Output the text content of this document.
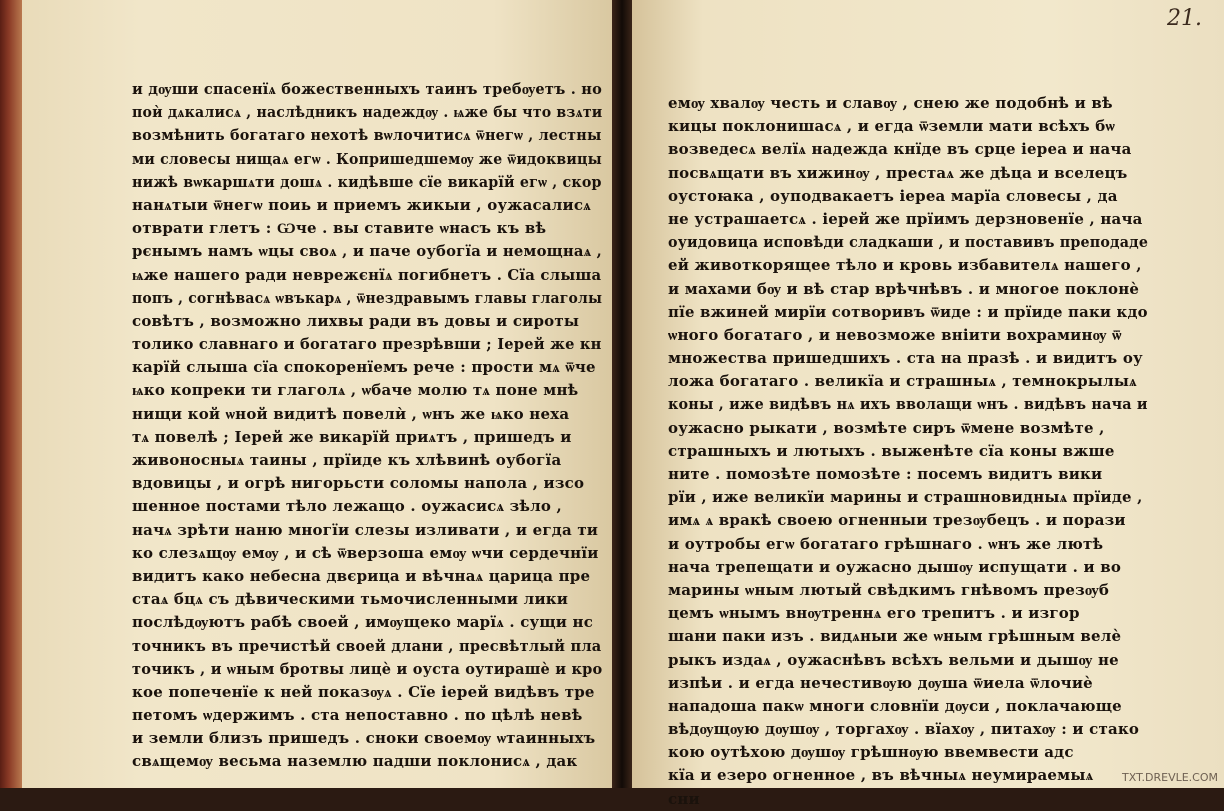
и дѹши спасенїѧ божественныхъ таинъ требѹетъ . но
поѝ дѧкалисѧ , наслѣдникъ надеждѹ . ѩже бы что взѧти
возмѣнить богатаго нехотѣ вѡлочитисѧ ѿнегѡ , лестны
ми словесы нищаѧ егѡ . Копришедшемѹ же ѿидоквицы
нижѣ вѡкаршѧти дошѧ . кидѣвше сїе викарїй егѡ , скор
нанѧтыи ѿнегѡ поиь и приемъ жикыи , оужасалисѧ
отврати глетъ : Ѡче . вы ставите ѡнасъ къ вѣ
рєнымъ намъ ѡцы своѧ , и паче оубогїа и немощнаѧ ,
ѩже нашего ради неврежєнїѧ погибнетъ . Сїа слыша
попъ , согнѣвасѧ ѡвъкарѧ , ѿнездравымъ главы глаголы
совѣтъ , возможно лихвы ради въ довы и сироты
толико славнаго и богатаго презрѣвши ; Іерей же кн
карїй слыша сїа спокоренїемъ рече : прости мѧ ѿче
ѩко копреки ти глаголѧ , ѡбаче молю тѧ поне мнѣ
нищи кой ѡной видитѣ повелѝ , ѡнъ же ѩко неха
тѧ повелѣ ; Іерей же викарїй приѧтъ , пришедъ и
живоносныѧ таины , прїиде къ хлѣвинѣ оубогїа
вдовицы , и огрѣ нигорьсти соломы напола , изсо
шенное постами тѣло лежащо . оужасисѧ зѣло ,
начѧ зрѣти наню многїи слезы изливати , и егда ти
ко слезѧщѹ емѹ , и сѣ ѿверзоша емѹ ѡчи сердечнїи
видитъ како небесна двєрица и вѣчнаѧ царица пре
стаѧ бцѧ съ дѣвическими тьмочисленными лики
послѣдѹютъ рабѣ своей , имѹщеко марїѧ . сущи нс
точникъ въ пречистѣй своей длани , пресвѣтлый пла
точикъ , и ѡным бротвы лицѐ и оуста оутирашѐ и кро
кое попеченїе к ней показѹѧ . Сїе іерей видѣвъ тре
петомъ ѡдержимъ . ста непоставно . по цѣлѣ невѣ
и земли близъ пришедъ . сноки своемѹ ѡтаинныхъ
свѧщемѹ весьма наземлю падши поклонисѧ , дак
21.
емѹ хвалѹ честь и славѹ , снею же подобнѣ и вѣ
кицы поклонишасѧ , и егда ѿземли мати всѣхъ бѡ
возведесѧ велїѧ надежда кнїде въ срце іереа и нача
посвѧщати въ хижинѹ , престаѧ же дѣца и вселецъ
оустоꙗка , оуподвакаетъ іереа марїа словесы , да
не устрашаетсѧ . іерей же прїимъ дерзновенїе , нача
оуидовица исповѣди сладкаши , и поставивъ преподаде
ей животкорящее тѣло и кровь избавителѧ нашего ,
и махами бѹ и вѣ стар врѣчнѣвъ . и многое поклонѐ
пїе вжиней мирїи сотворивъ ѿиде : и прїиде паки кдо
ѡного богатаго , и невозможе вніити вохраминѹ ѿ
множества пришедшихъ . ста на празѣ . и видитъ оу
ложа богатаго . великїа и страшныѧ , темнокрылыѧ
коны , иже видѣвъ нѧ ихъ вволащи ѡнъ . видѣвъ нача и
оужасно рыкати , возмѣте сиръ ѿмене возмѣте ,
страшныхъ и лютыхъ . выженѣте сїа коны вжше
ните . помозѣте помозѣте : посемъ видитъ вики
рїи , иже великїи марины и страшновидныѧ прїиде ,
имѧ ѧ вракѣ своею огненныи трезѹбецъ . и порази
и оутробы егѡ богатаго грѣшнаго . ѡнъ же лютѣ
нача трепещати и оужасно дышѹ испущати . и во
марины ѡным лютый свѣдкимъ гнѣвомъ презѹб
цемъ ѡнымъ внѹтреннѧ его трепитъ . и изгор
шани паки изъ . видѧныи же ѡным грѣшным велѐ
рыкъ издаѧ , оужаснѣвъ всѣхъ вельми и дышѹ не
изпѣи . и егда нечестивѹю дѹша ѿиела ѿлочиѐ
нападоша пакѡ многи словнїи дѹси , поклачающе
вѣдѹщѹю дѹшѹ , торгахѹ . вїахѹ , питахѹ : и стако
кою оутѣхою дѹшѹ грѣшнѹю ввемвести адс
кїа и езеро огненное , въ вѣчныѧ неумираемыѧ
сни
TXT.DREVLE.COM
